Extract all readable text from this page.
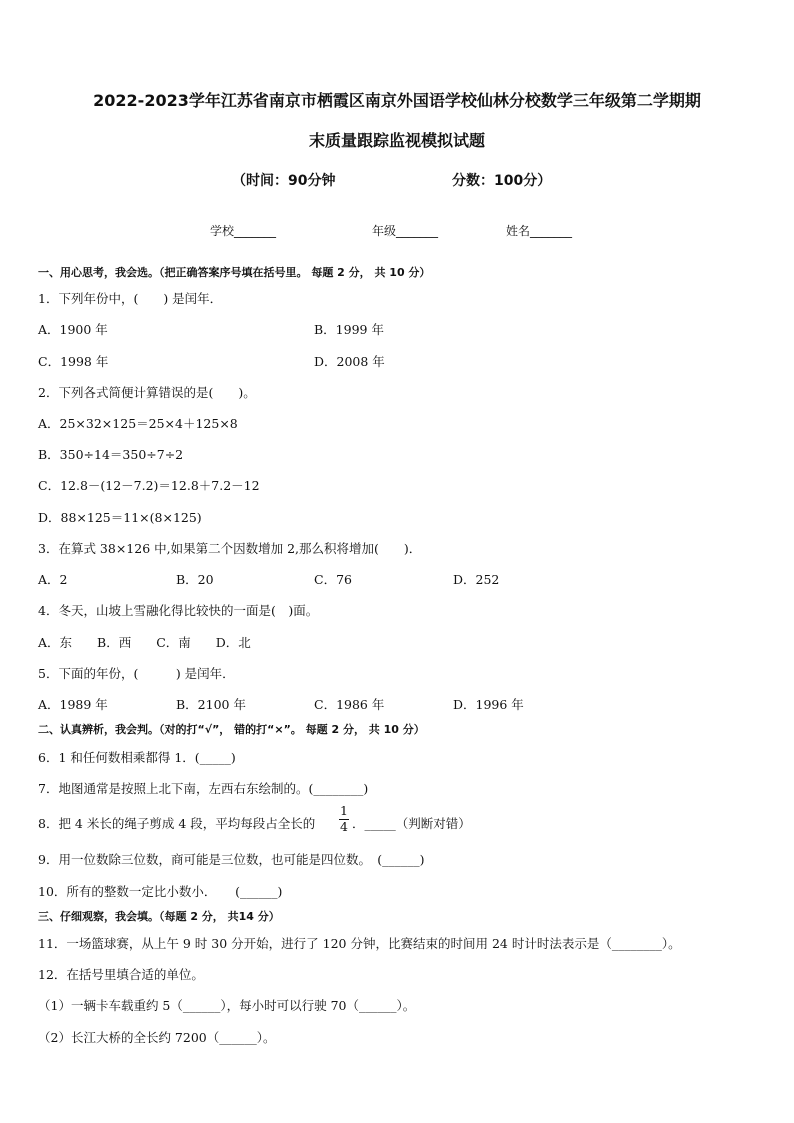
2022-2023学年江苏省南京市栖霞区南京外国语学校仙林分校数学三年级第二学期期
末质量跟踪监视模拟试题
（时间：90分钟	分数：100分）
学校_______	年级_______	姓名_______
一、用心思考，我会选。（把正确答案序号填在括号里。 每题 2 分， 共 10 分）
1．下列年份中，(　　) 是闰年．
A．1900 年	B．1999 年
C．1998 年	D．2008 年
2．下列各式简便计算错误的是(　　)。
A．25×32×125＝25×4＋125×8
B．350÷14＝350÷7÷2
C．12.8－(12－7.2)＝12.8＋7.2－12
D．88×125＝11×(8×125)
3．在算式 38×126 中,如果第二个因数增加 2,那么积将增加(　　)．
A．2	B．20	C．76	D．252
4．冬天，山坡上雪融化得比较快的一面是(　)面。
A．东　　B．西　　C．南　　D．北
5．下面的年份，(　　　) 是闰年．
A．1989 年	B．2100 年	C．1986 年	D．1996 年
二、认真辨析，我会判。（对的打“√”， 错的打“×”。 每题 2 分， 共 10 分）
6．1 和任何数相乘都得 1．(_____)
7．地图通常是按照上北下南，左西右东绘制的。(________)
8．把 4 米长的绳子剪成 4 段，平均每段占全长的
1
4 ．_____（判断对错）
9．用一位数除三位数，商可能是三位数，也可能是四位数。　(______)
10．所有的整数一定比小数小．　　(______)
三、仔细观察，我会填。（每题 2 分， 共14 分）
11．一场篮球赛，从上午 9 时 30 分开始，进行了 120 分钟，比赛结束的时间用 24 时计时法表示是（________）。
12．在括号里填合适的单位。
（1）一辆卡车载重约 5（______），每小时可以行驶 70（______）。
（2）长江大桥的全长约 7200（______）。
